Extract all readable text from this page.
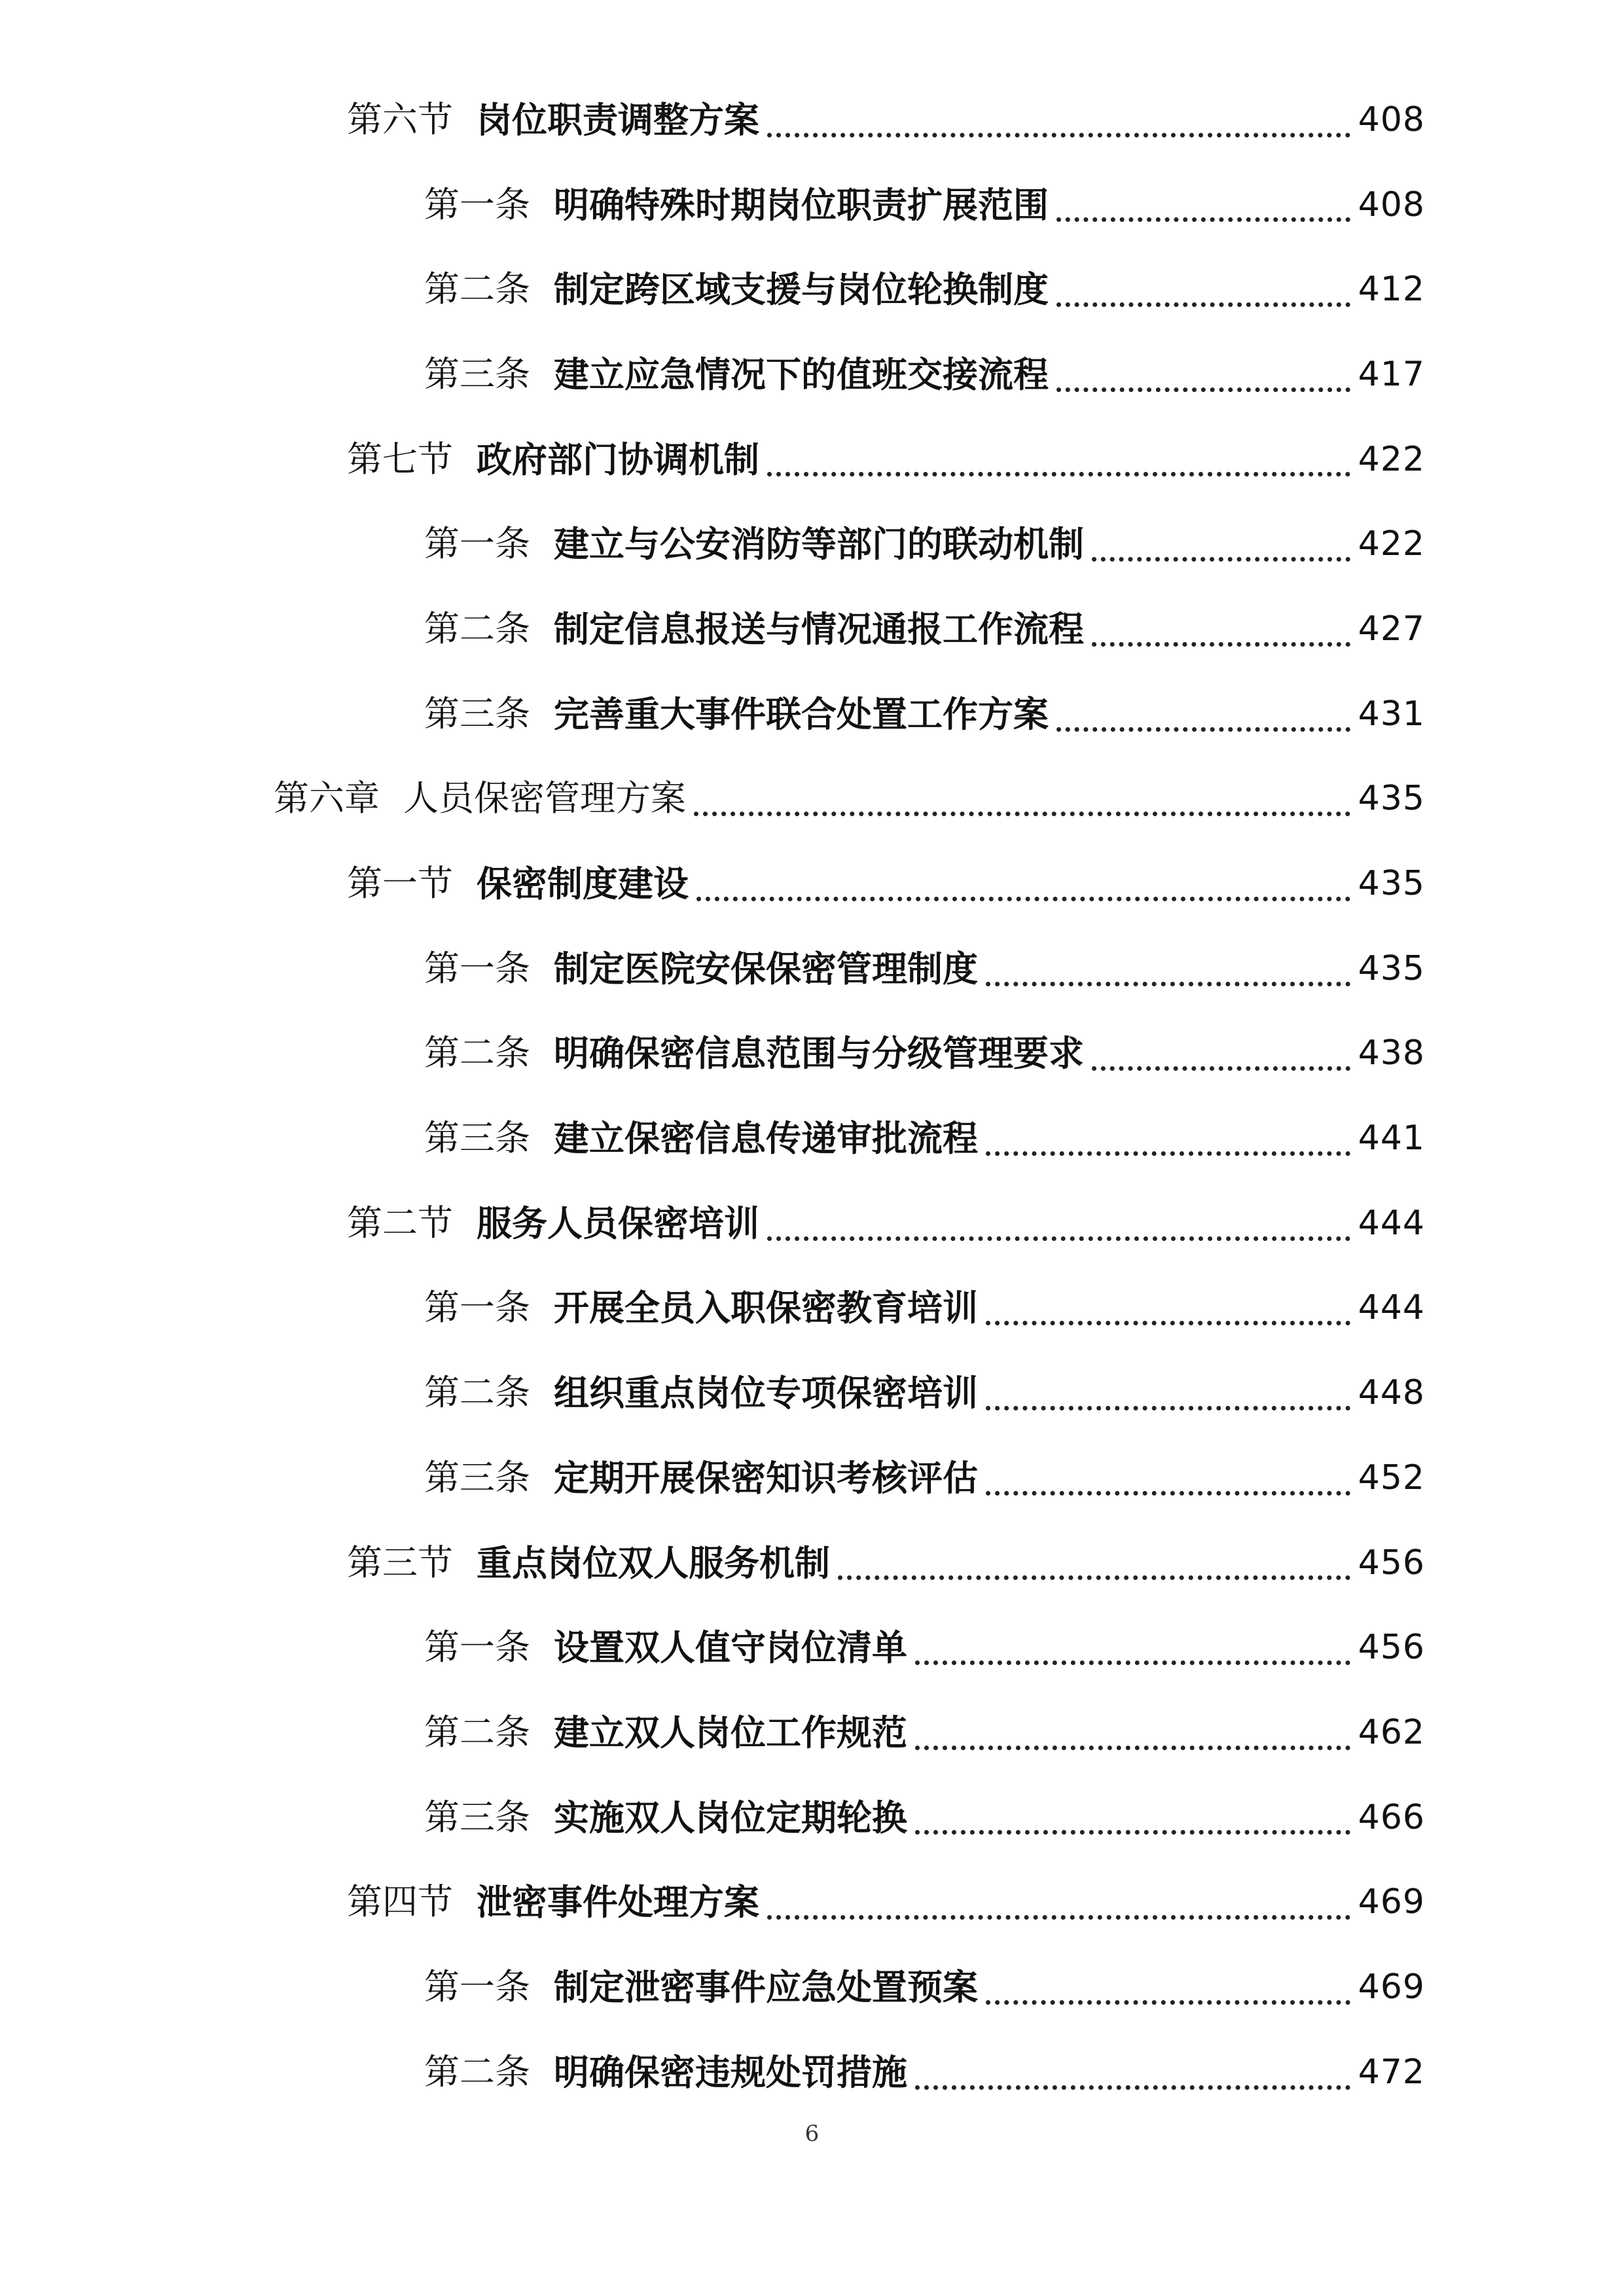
第六节 岗位职责调整方案	408
第一条 明确特殊时期岗位职责扩展范围	408
第二条 制定跨区域支援与岗位轮换制度	412
第三条 建立应急情况下的值班交接流程	417
第七节 政府部门协调机制	422
第一条 建立与公安消防等部门的联动机制	422
第二条 制定信息报送与情况通报工作流程	427
第三条 完善重大事件联合处置工作方案	431
第六章 人员保密管理方案	435
第一节 保密制度建设	435
第一条 制定医院安保保密管理制度	435
第二条 明确保密信息范围与分级管理要求	438
第三条 建立保密信息传递审批流程	441
第二节 服务人员保密培训	444
第一条 开展全员入职保密教育培训	444
第二条 组织重点岗位专项保密培训	448
第三条 定期开展保密知识考核评估	452
第三节 重点岗位双人服务机制	456
第一条 设置双人值守岗位清单	456
第二条 建立双人岗位工作规范	462
第三条 实施双人岗位定期轮换	466
第四节 泄密事件处理方案	469
第一条 制定泄密事件应急处置预案	469
第二条 明确保密违规处罚措施	472
6
